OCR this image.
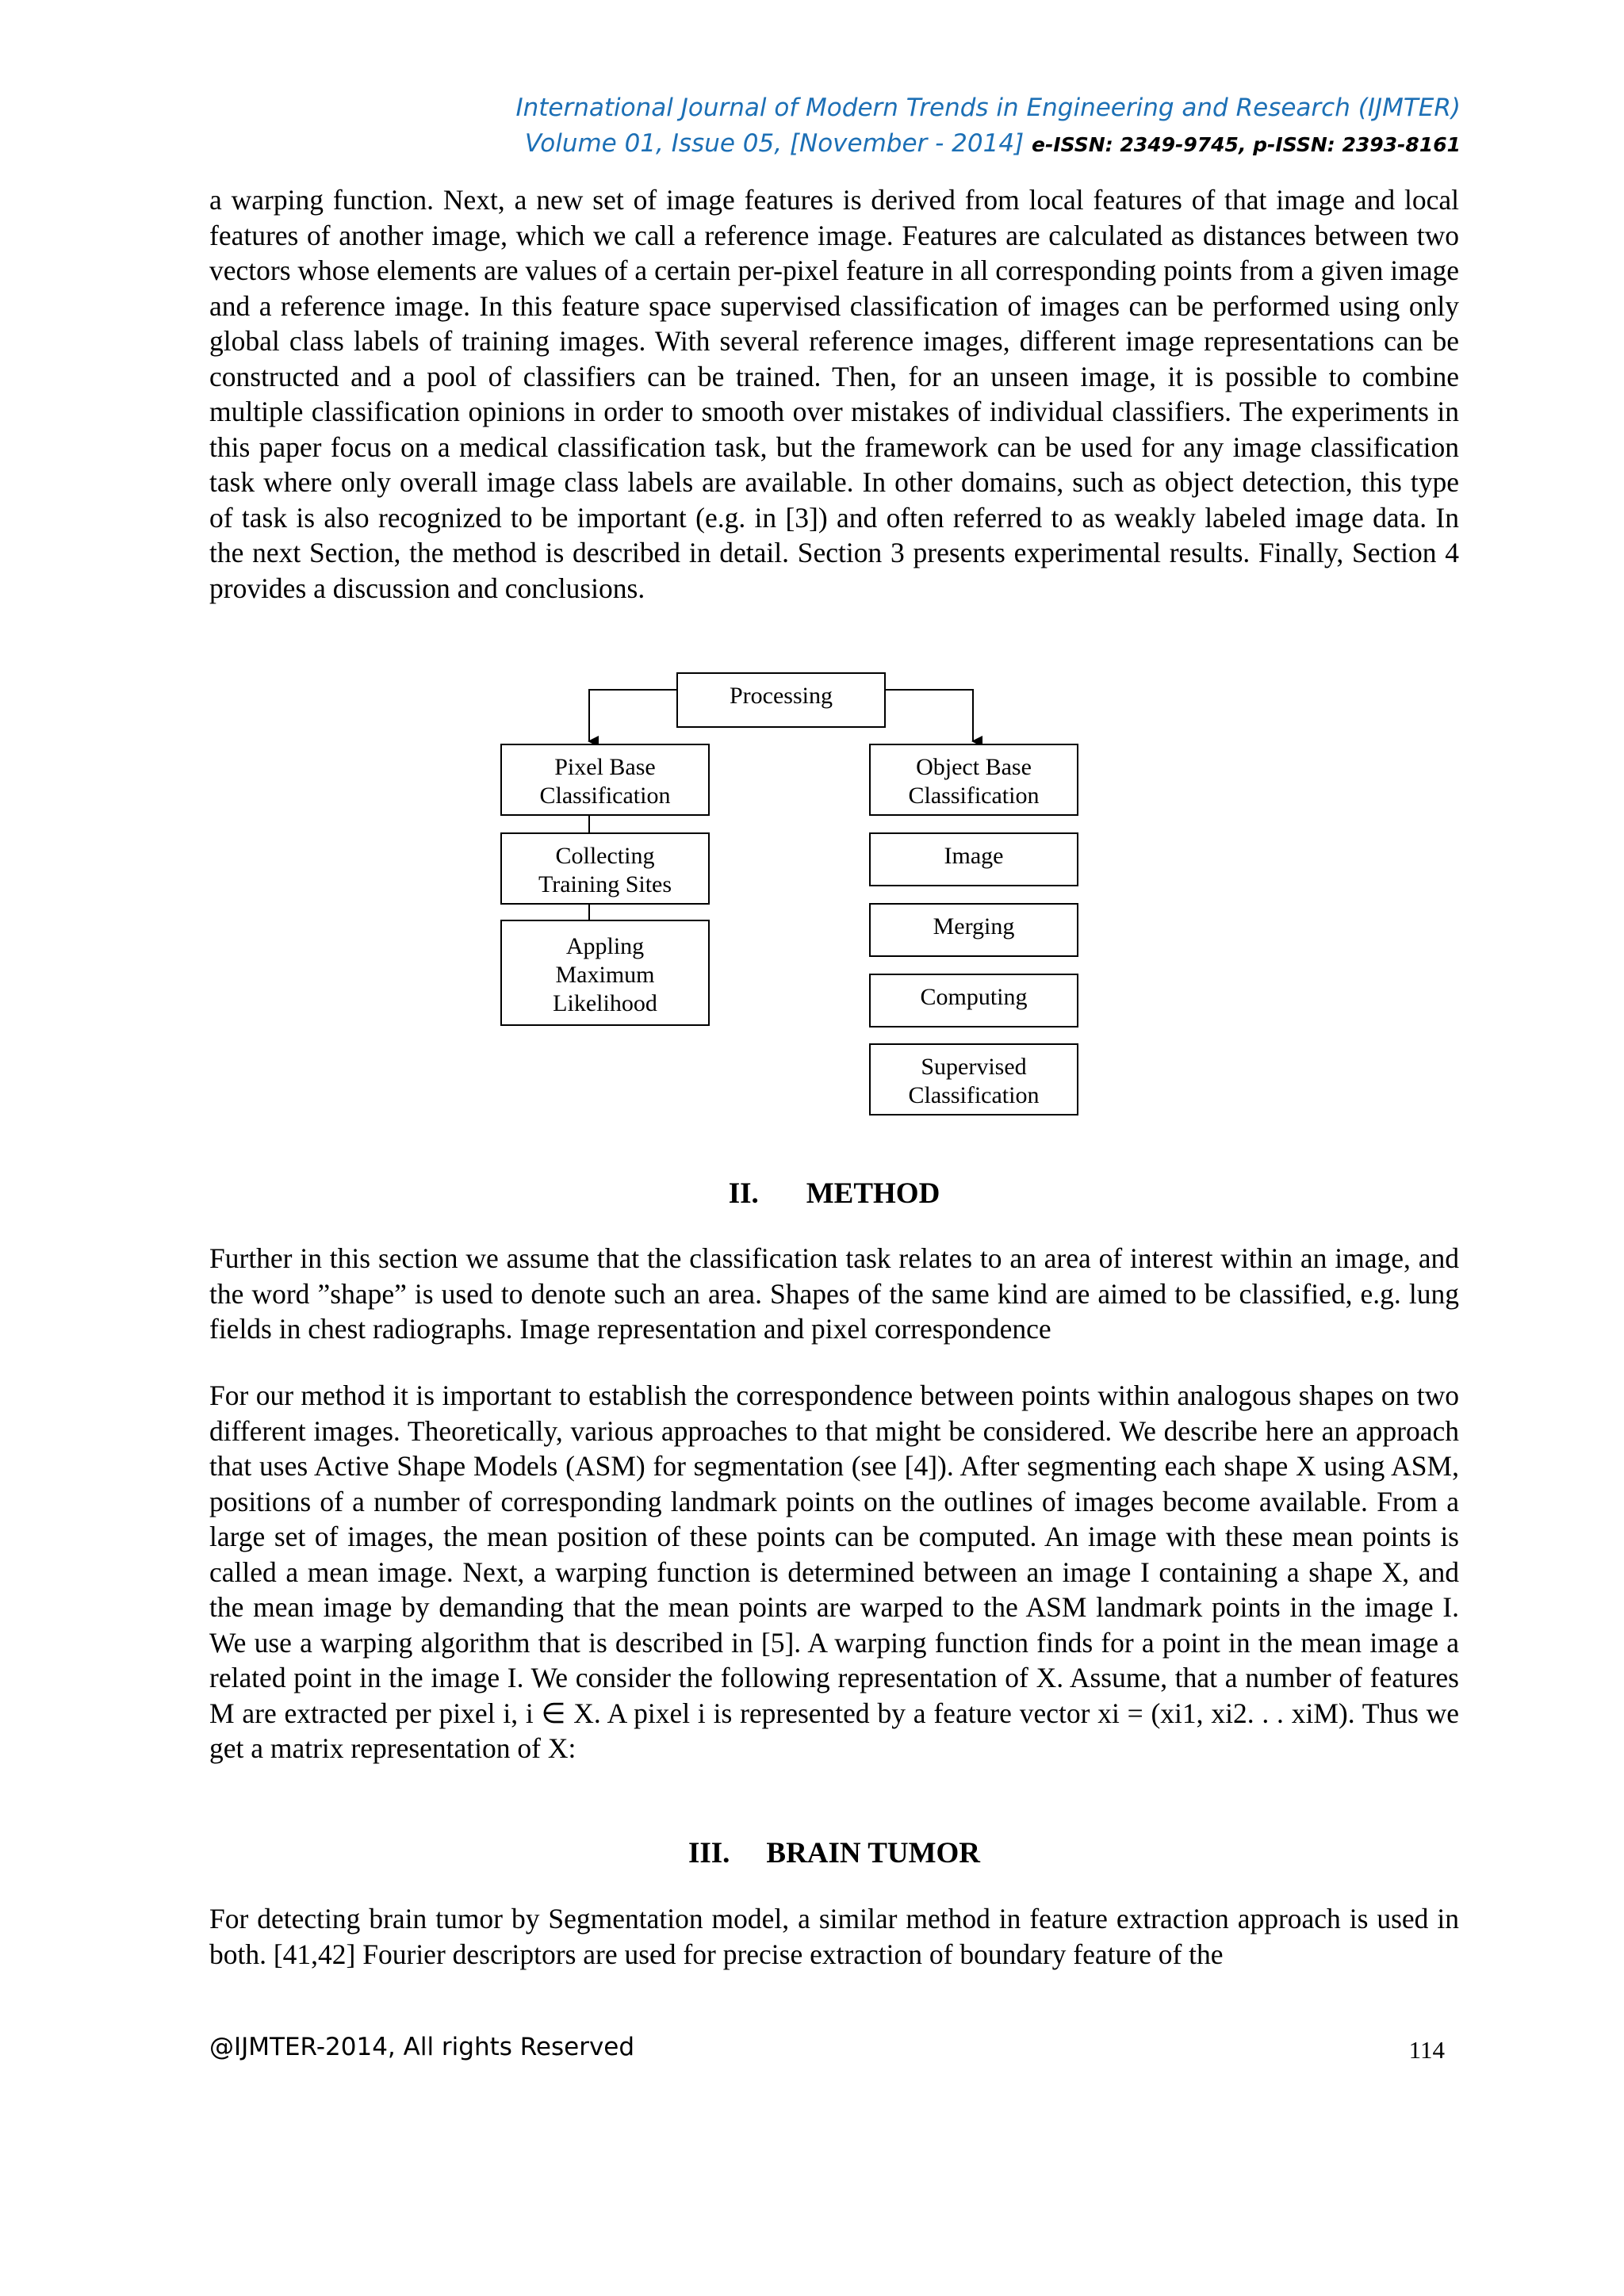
International Journal of Modern Trends in Engineering and Research (IJMTER)
Volume 01, Issue 05, [November - 2014] e-ISSN: 2349-9745, p-ISSN: 2393-8161

a warping function. Next, a new set of image features is derived from local features of that image and local features of another image, which we call a reference image. Features are calculated as distances between two vectors whose elements are values of a certain per-pixel feature in all corresponding points from a given image and a reference image. In this feature space supervised classification of images can be performed using only global class labels of training images. With several reference images, different image representations can be constructed and a pool of classifiers can be trained. Then, for an unseen image, it is possible to combine multiple classification opinions in order to smooth over mistakes of individual classifiers. The experiments in this paper focus on a medical classification task, but the framework can be used for any image classification task where only overall image class labels are available. In other domains, such as object detection, this type of task is also recognized to be important (e.g. in [3]) and often referred to as weakly labeled image data. In the next Section, the method is described in detail. Section 3 presents experimental results. Finally, Section 4 provides a discussion and conclusions.

Processing
Pixel Base
Classification
Collecting
Training Sites
Appling
Maximum
Likelihood
Object Base
Classification
Image
Merging
Computing
Supervised
Classification
II. METHOD

Further in this section we assume that the classification task relates to an area of interest within an image, and the word ”shape” is used to denote such an area. Shapes of the same kind are aimed to be classified, e.g. lung fields in chest radiographs. Image representation and pixel correspondence

For our method it is important to establish the correspondence between points within analogous shapes on two different images. Theoretically, various approaches to that might be considered. We describe here an approach that uses Active Shape Models (ASM) for segmentation (see [4]). After segmenting each shape X using ASM, positions of a number of corresponding landmark points on the outlines of images become available. From a large set of images, the mean position of these points can be computed. An image with these mean points is called a mean image. Next, a warping function is determined between an image I containing a shape X, and the mean image by demanding that the mean points are warped to the ASM landmark points in the image I. We use a warping algorithm that is described in [5]. A warping function finds for a point in the mean image a related point in the image I. We consider the following representation of X. Assume, that a number of features M are extracted per pixel i, i ∈ X. A pixel i is represented by a feature vector xi = (xi1, xi2. . . xiM). Thus we get a matrix representation of X:

III. BRAIN TUMOR

For detecting brain tumor by Segmentation model, a similar method in feature extraction approach is used in both. [41,42] Fourier descriptors are used for precise extraction of boundary feature of the

@IJMTER-2014, All rights Reserved	114
